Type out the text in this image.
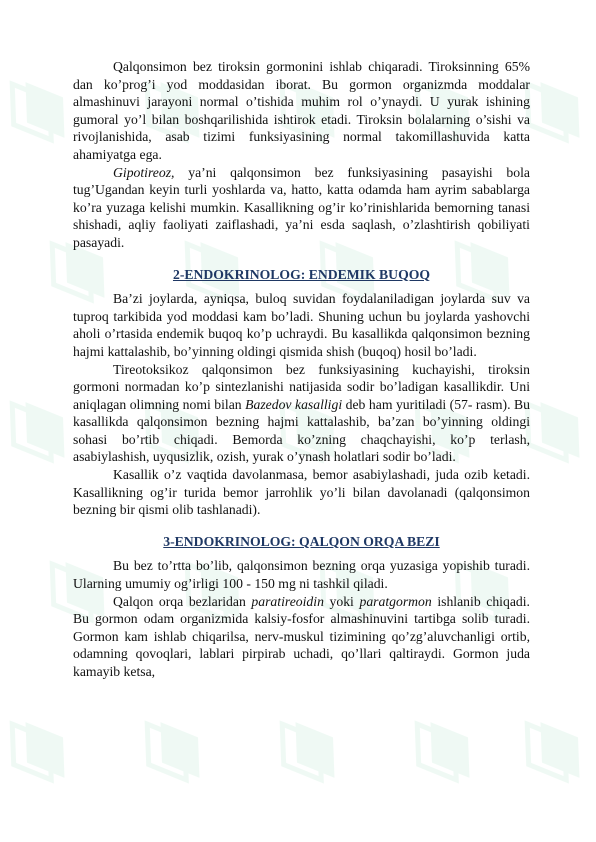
Qalqonsimon bez tiroksin gormonini ishlab chiqaradi. Tiroksinning 65% dan ko’prog’i yod moddasidan iborat. Bu gormon organizmda moddalar almashinuvi jarayoni normal o’tishida muhim rol o’ynaydi. U yurak ishining gumoral yo’l bilan boshqarilishida ishtirok etadi. Tiroksin bolalarning o’sishi va rivojlanishida, asab tizimi funksiyasining normal takomillashuvida katta ahamiyatga ega.

Gipotireoz, ya’ni qalqonsimon bez funksiyasining pasayishi bola tug’Ugandan keyin turli yoshlarda va, hatto, katta odamda ham ayrim sabablarga ko’ra yuzaga kelishi mumkin. Kasallikning og’ir ko’rinishlarida bemorning tanasi shishadi, aqliy faoliyati zaiflashadi, ya’ni esda saqlash, o’zlashtirish qobiliyati pasayadi.

2-ENDOKRINOLOG: ENDEMIK BUQOQ

Ba’zi joylarda, ayniqsa, buloq suvidan foydalaniladigan joylarda suv va tuproq tarkibida yod moddasi kam bo’ladi. Shuning uchun bu joylarda yashovchi aholi o’rtasida endemik buqoq ko’p uchraydi. Bu kasallikda qalqonsimon bezning hajmi kattalashib, bo’yinning oldingi qismida shish (buqoq) hosil bo’ladi.

Tireotoksikoz qalqonsimon bez funksiyasining kuchayishi, tiroksin gormoni normadan ko’p sintezlanishi natijasida sodir bo’ladigan kasallikdir. Uni aniqlagan olimning nomi bilan Bazedov kasalligi deb ham yuritiladi (57- rasm). Bu kasallikda qalqonsimon bezning hajmi kattalashib, ba’zan bo’yinning oldingi sohasi bo’rtib chiqadi. Bemorda ko’zning chaqchayishi, ko’p terlash, asabiylashish, uyqusizlik, ozish, yurak o’ynash holatlari sodir bo’ladi.

Kasallik o’z vaqtida davolanmasa, bemor asabiylashadi, juda ozib ketadi. Kasallikning og’ir turida bemor jarrohlik yo’li bilan davolanadi (qalqonsimon bezning bir qismi olib tashlanadi).

3-ENDOKRINOLOG: QALQON ORQA BEZI

Bu bez to’rtta bo’lib, qalqonsimon bezning orqa yuzasiga yopishib turadi. Ularning umumiy og’irligi 100 - 150 mg ni tashkil qiladi.

Qalqon orqa bezlaridan paratireoidin yoki paratgormon ishlanib chiqadi. Bu gormon odam organizmida kalsiy-fosfor almashinuvini tartibga solib turadi. Gormon kam ishlab chiqarilsa, nerv-muskul tizimining qo’zg’aluvchanligi ortib, odamning qovoqlari, lablari pirpirab uchadi, qo’llari qaltiraydi. Gormon juda kamayib ketsa,
